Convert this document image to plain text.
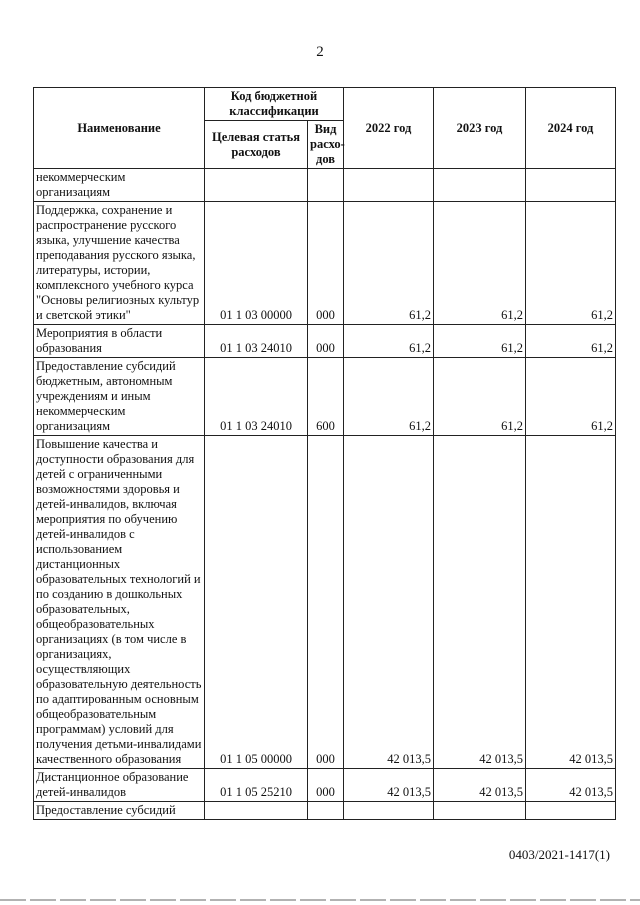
2
Наименование	Код бюджетной классификации		2022 год	2023 год	2024 год
	Целевая статья расходов	Вид расхо-дов			
некоммерческим организациям					
Поддержка, сохранение и распространение русского языка, улучшение качества преподавания русского языка, литературы, истории, комплексного учебного курса "Основы религиозных культур и светской этики"	01 1 03 00000	000	61,2	61,2	61,2
Мероприятия в области образования	01 1 03 24010	000	61,2	61,2	61,2
Предоставление субсидий бюджетным, автономным учреждениям и иным некоммерческим организациям	01 1 03 24010	600	61,2	61,2	61,2
Повышение качества и доступности образования для детей с ограниченными возможностями здоровья и детей-инвалидов, включая мероприятия по обучению детей-инвалидов с использованием дистанционных образовательных технологий и по созданию в дошкольных образовательных, общеобразовательных организациях (в том числе в организациях, осуществляющих образовательную деятельность по адаптированным основным общеобразовательным программам) условий для получения детьми-инвалидами качественного образования	01 1 05 00000	000	42 013,5	42 013,5	42 013,5
Дистанционное образование детей-инвалидов	01 1 05 25210	000	42 013,5	42 013,5	42 013,5
Предоставление субсидий					
0403/2021-1417(1)
